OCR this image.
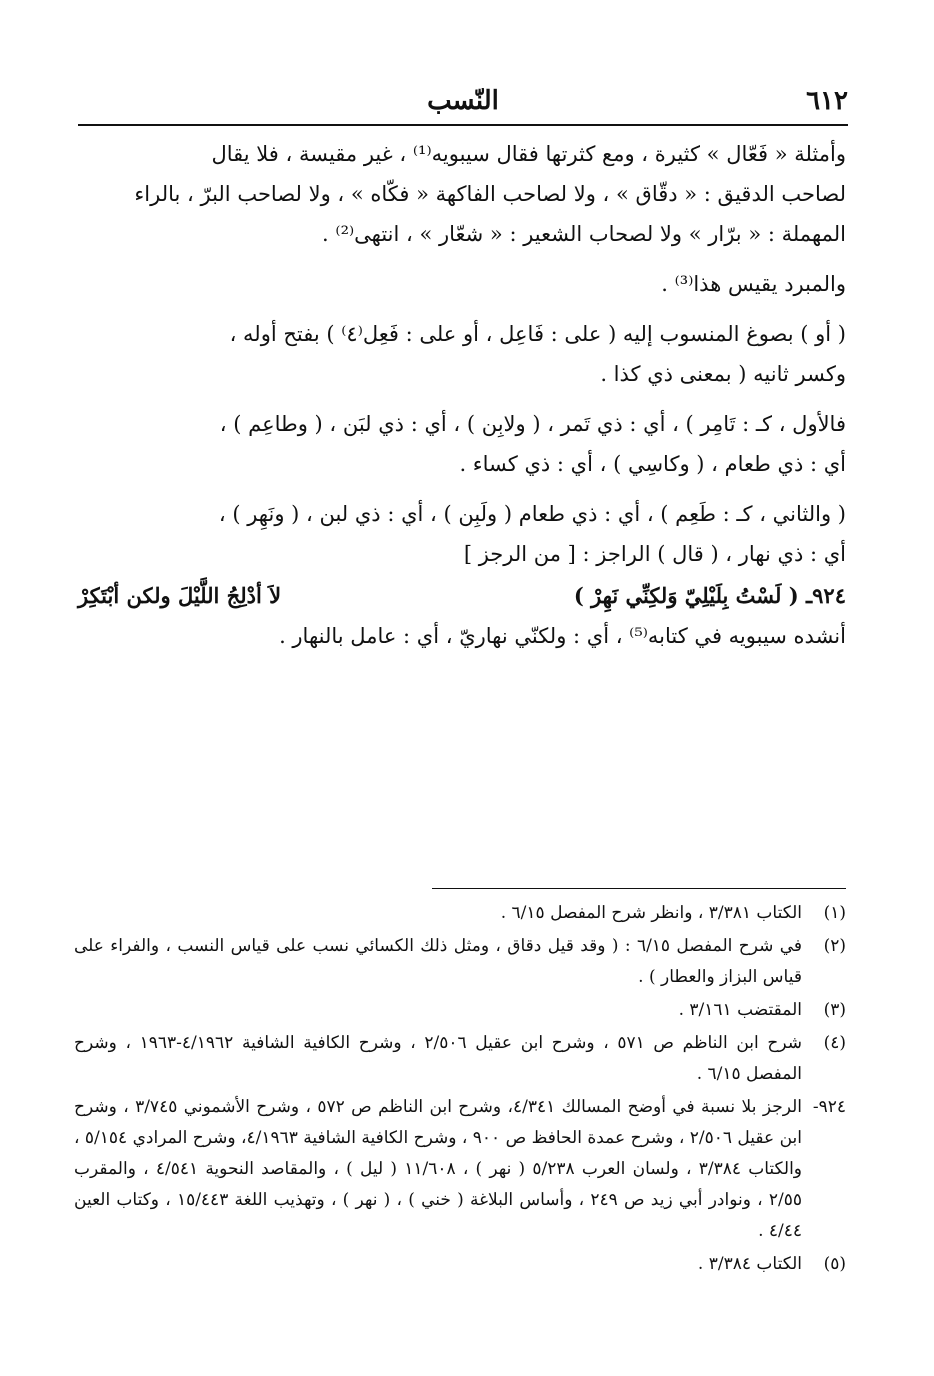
٦١٢
النّسب

وأمثلة « فَعّال » كثيرة ، ومع كثرتها فقال سيبويه⁽¹⁾ ، غير مقيسة ، فلا يقال
لصاحب الدقيق : « دقّاق » ، ولا لصاحب الفاكهة « فكّاه » ، ولا لصاحب البرّ ، بالراء
المهملة : « برّار » ولا لصحاب الشعير : « شعّار » ، انتهى⁽²⁾ .

والمبرد يقيس هذا⁽³⁾ .

( أو ) بصوغ المنسوب إليه ( على : فَاعِل ، أو على : فَعِل⁽٤⁾ ) بفتح أوله ،
وكسر ثانيه ( بمعنى ذي كذا .

فالأول ، كـ : تَامِر ) ، أي : ذي تَمر ، ( ولابِن ) ، أي : ذي لبَن ، ( وطاعِم ) ،
أي : ذي طعام ، ( وكاسِي ) ، أي : ذي كساء .

( والثاني ، كـ : طَعِم ) ، أي : ذي طعام ( ولَبِن ) ، أي : ذي لبن ، ( ونَهِر ) ،
أي : ذي نهار ، ( قال ) الراجز : [ من الرجز ]

٩٢٤ـ ( لَسْتُ بِلَيْلِيّ وَلكِنِّي نَهِرْ )
لاَ أدْلِجُ اللَّيْلَ ولكن أبْتَكِرْ

أنشده سيبويه في كتابه⁽⁵⁾ ، أي : ولكنّي نهاريّ ، أي : عامل بالنهار .

(١)
الكتاب ٣/٣٨١ ، وانظر شرح المفصل ٦/١٥ .
(٢)
في شرح المفصل ٦/١٥ : ( وقد قيل دقاق ، ومثل ذلك الكسائي نسب على قياس النسب ، والفراء على قياس البزاز والعطار ) .
(٣)
المقتضب ٣/١٦١ .
(٤)
شرح ابن الناظم ص ٥٧١ ، وشرح ابن عقيل ٢/٥٠٦ ، وشرح الكافية الشافية ٤/١٩٦٢-١٩٦٣ ، وشرح المفصل ٦/١٥ .
٩٢٤-
الرجز بلا نسبة في أوضح المسالك ٤/٣٤١، وشرح ابن الناظم ص ٥٧٢ ، وشرح الأشموني ٣/٧٤٥ ، وشرح ابن عقيل ٢/٥٠٦ ، وشرح عمدة الحافظ ص ٩٠٠ ، وشرح الكافية الشافية ٤/١٩٦٣، وشرح المرادي ٥/١٥٤ ، والكتاب ٣/٣٨٤ ، ولسان العرب ٥/٢٣٨ ( نهر ) ، ١١/٦٠٨ ( ليل ) ، والمقاصد النحوية ٤/٥٤١ ، والمقرب ٢/٥٥ ، ونوادر أبي زيد ص ٢٤٩ ، وأساس البلاغة ( خني ) ، ( نهر ) ، وتهذيب اللغة ١٥/٤٤٣ ، وكتاب العين ٤/٤٤ .
(٥)
الكتاب ٣/٣٨٤ .
